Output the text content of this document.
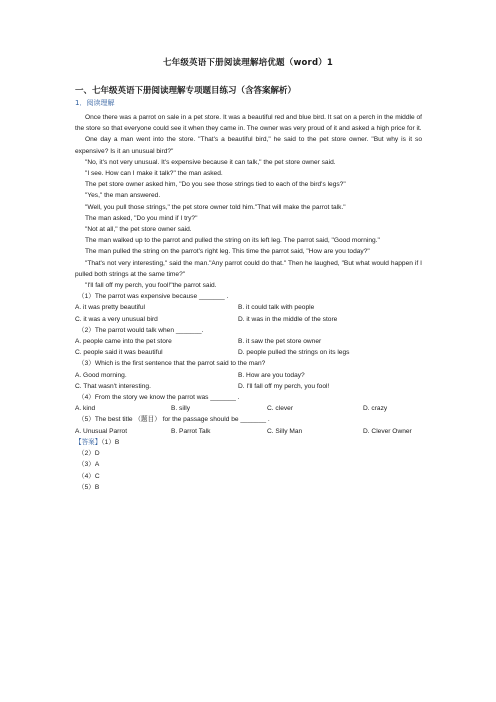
七年级英语下册阅读理解培优题（word）1
一、七年级英语下册阅读理解专项题目练习（含答案解析）
1．阅读理解
Once there was a parrot on sale in a pet store. It was a beautiful red and blue bird. It sat on a perch in the middle of the store so that everyone could see it when they came in. The owner was very proud of it and asked a high price for it.
One day a man went into the store. "That's a beautiful bird," he said to the pet store owner. "But why is it so expensive? Is it an unusual bird?"
"No, it's not very unusual. It's expensive because it can talk," the pet store owner said.
"I see. How can I make it talk?" the man asked.
The pet store owner asked him, "Do you see those strings tied to each of the bird's legs?"
"Yes," the man answered.
"Well, you pull those strings," the pet store owner told him."That will make the parrot talk."
The man asked, "Do you mind if I try?"
"Not at all," the pet store owner said.
The man walked up to the parrot and pulled the string on its left leg. The parrot said, "Good morning."
The man pulled the string on the parrot's right leg. This time the parrot said, "How are you today?"
"That's not very interesting," said the man."Any parrot could do that." Then he laughed, "But what would happen if I pulled both strings at the same time?"
"I'll fall off my perch, you fool!"the parrot said.
（1）The parrot was expensive because _______ .
A. it was pretty beautiful	B. it could talk with people
C. it was a very unusual bird	D. it was in the middle of the store
（2）The parrot would talk when _______.
A. people came into the pet store	B. it saw the pet store owner
C. people said it was beautiful	D. people pulled the strings on its legs
（3）Which is the first sentence that the parrot said to the man?
A. Good morning.	B. How are you today?
C. That wasn't interesting.	D. I'll fall off my perch, you fool!
（4）From the story we know the parrot was _______ .
A. kind	B. silly	C. clever	D. crazy
（5）The best title （题目） for the passage should be _______ .
A. Unusual Parrot	B. Parrot Talk	C. Silly Man	D. Clever Owner
【答案】（1）B
（2）D
（3）A
（4）C
（5）B
